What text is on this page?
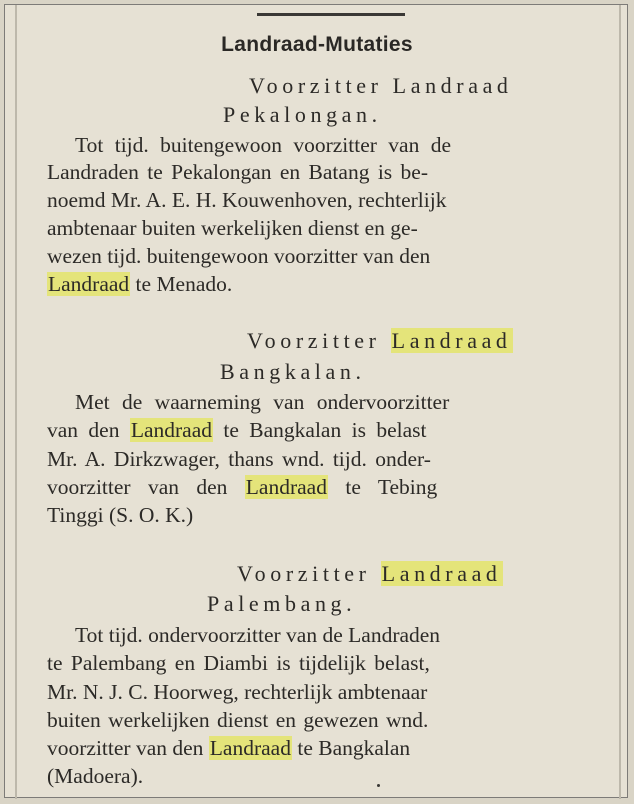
Landraad-Mutaties
Voorzitter Landraad
Pekalongan.
Tot tijd. buitengewoon voorzitter van de
Landraden te Pekalongan en Batang is be-
noemd Mr. A. E. H. Kouwenhoven, rechterlijk
ambtenaar buiten werkelijken dienst en ge-
wezen tijd. buitengewoon voorzitter van den
Landraad te Menado.
Voorzitter Landraad
Bangkalan.
Met de waarneming van ondervoorzitter
van den Landraad te Bangkalan is belast
Mr. A. Dirkzwager, thans wnd. tijd. onder-
voorzitter van den Landraad te Tebing
Tinggi (S. O. K.)
Voorzitter Landraad
Palembang.
Tot tijd. ondervoorzitter van de Landraden
te Palembang en Diambi is tijdelijk belast,
Mr. N. J. C. Hoorweg, rechterlijk ambtenaar
buiten werkelijken dienst en gewezen wnd.
voorzitter van den Landraad te Bangkalan
(Madoera).
